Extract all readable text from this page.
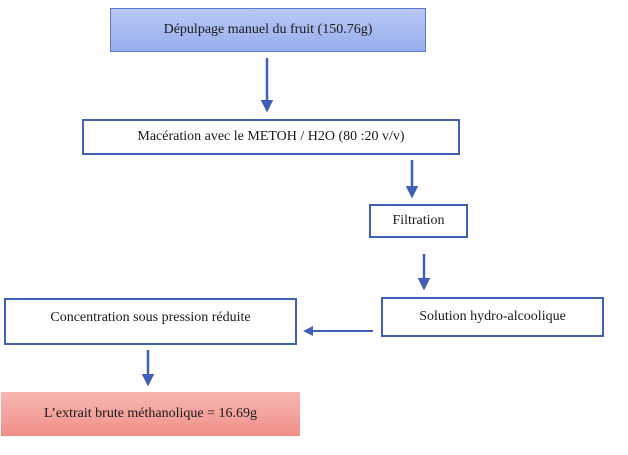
Dépulpage manuel du fruit (150.76g)
Macération avec le METOH / H2O (80 :20 v/v)
Filtration
Solution hydro-alcoolique
Concentration sous pression réduite
L’extrait brute méthanolique = 16.69g
